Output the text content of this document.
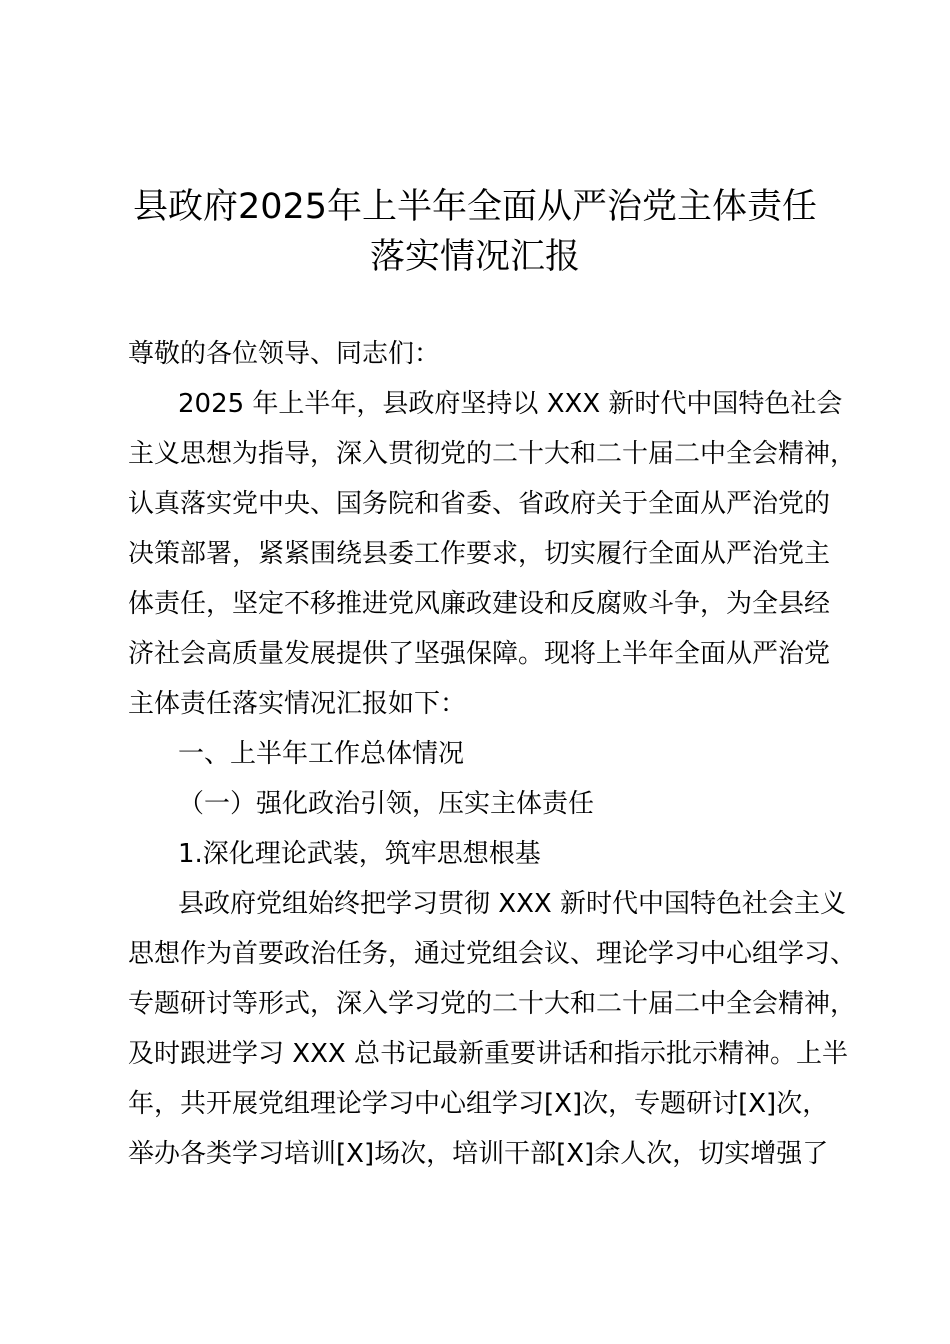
县政府2025年上半年全面从严治党主体责任
落实情况汇报
尊敬的各位领导、同志们：
2025 年上半年，县政府坚持以 XXX 新时代中国特色社会
主义思想为指导，深入贯彻党的二十大和二十届二中全会精神，
认真落实党中央、国务院和省委、省政府关于全面从严治党的
决策部署，紧紧围绕县委工作要求，切实履行全面从严治党主
体责任，坚定不移推进党风廉政建设和反腐败斗争，为全县经
济社会高质量发展提供了坚强保障。现将上半年全面从严治党
主体责任落实情况汇报如下：
一、上半年工作总体情况
（一）强化政治引领，压实主体责任
1.深化理论武装，筑牢思想根基
县政府党组始终把学习贯彻 XXX 新时代中国特色社会主义
思想作为首要政治任务，通过党组会议、理论学习中心组学习、
专题研讨等形式，深入学习党的二十大和二十届二中全会精神，
及时跟进学习 XXX 总书记最新重要讲话和指示批示精神。上半
年，共开展党组理论学习中心组学习[X]次，专题研讨[X]次，
举办各类学习培训[X]场次，培训干部[X]余人次，切实增强了
